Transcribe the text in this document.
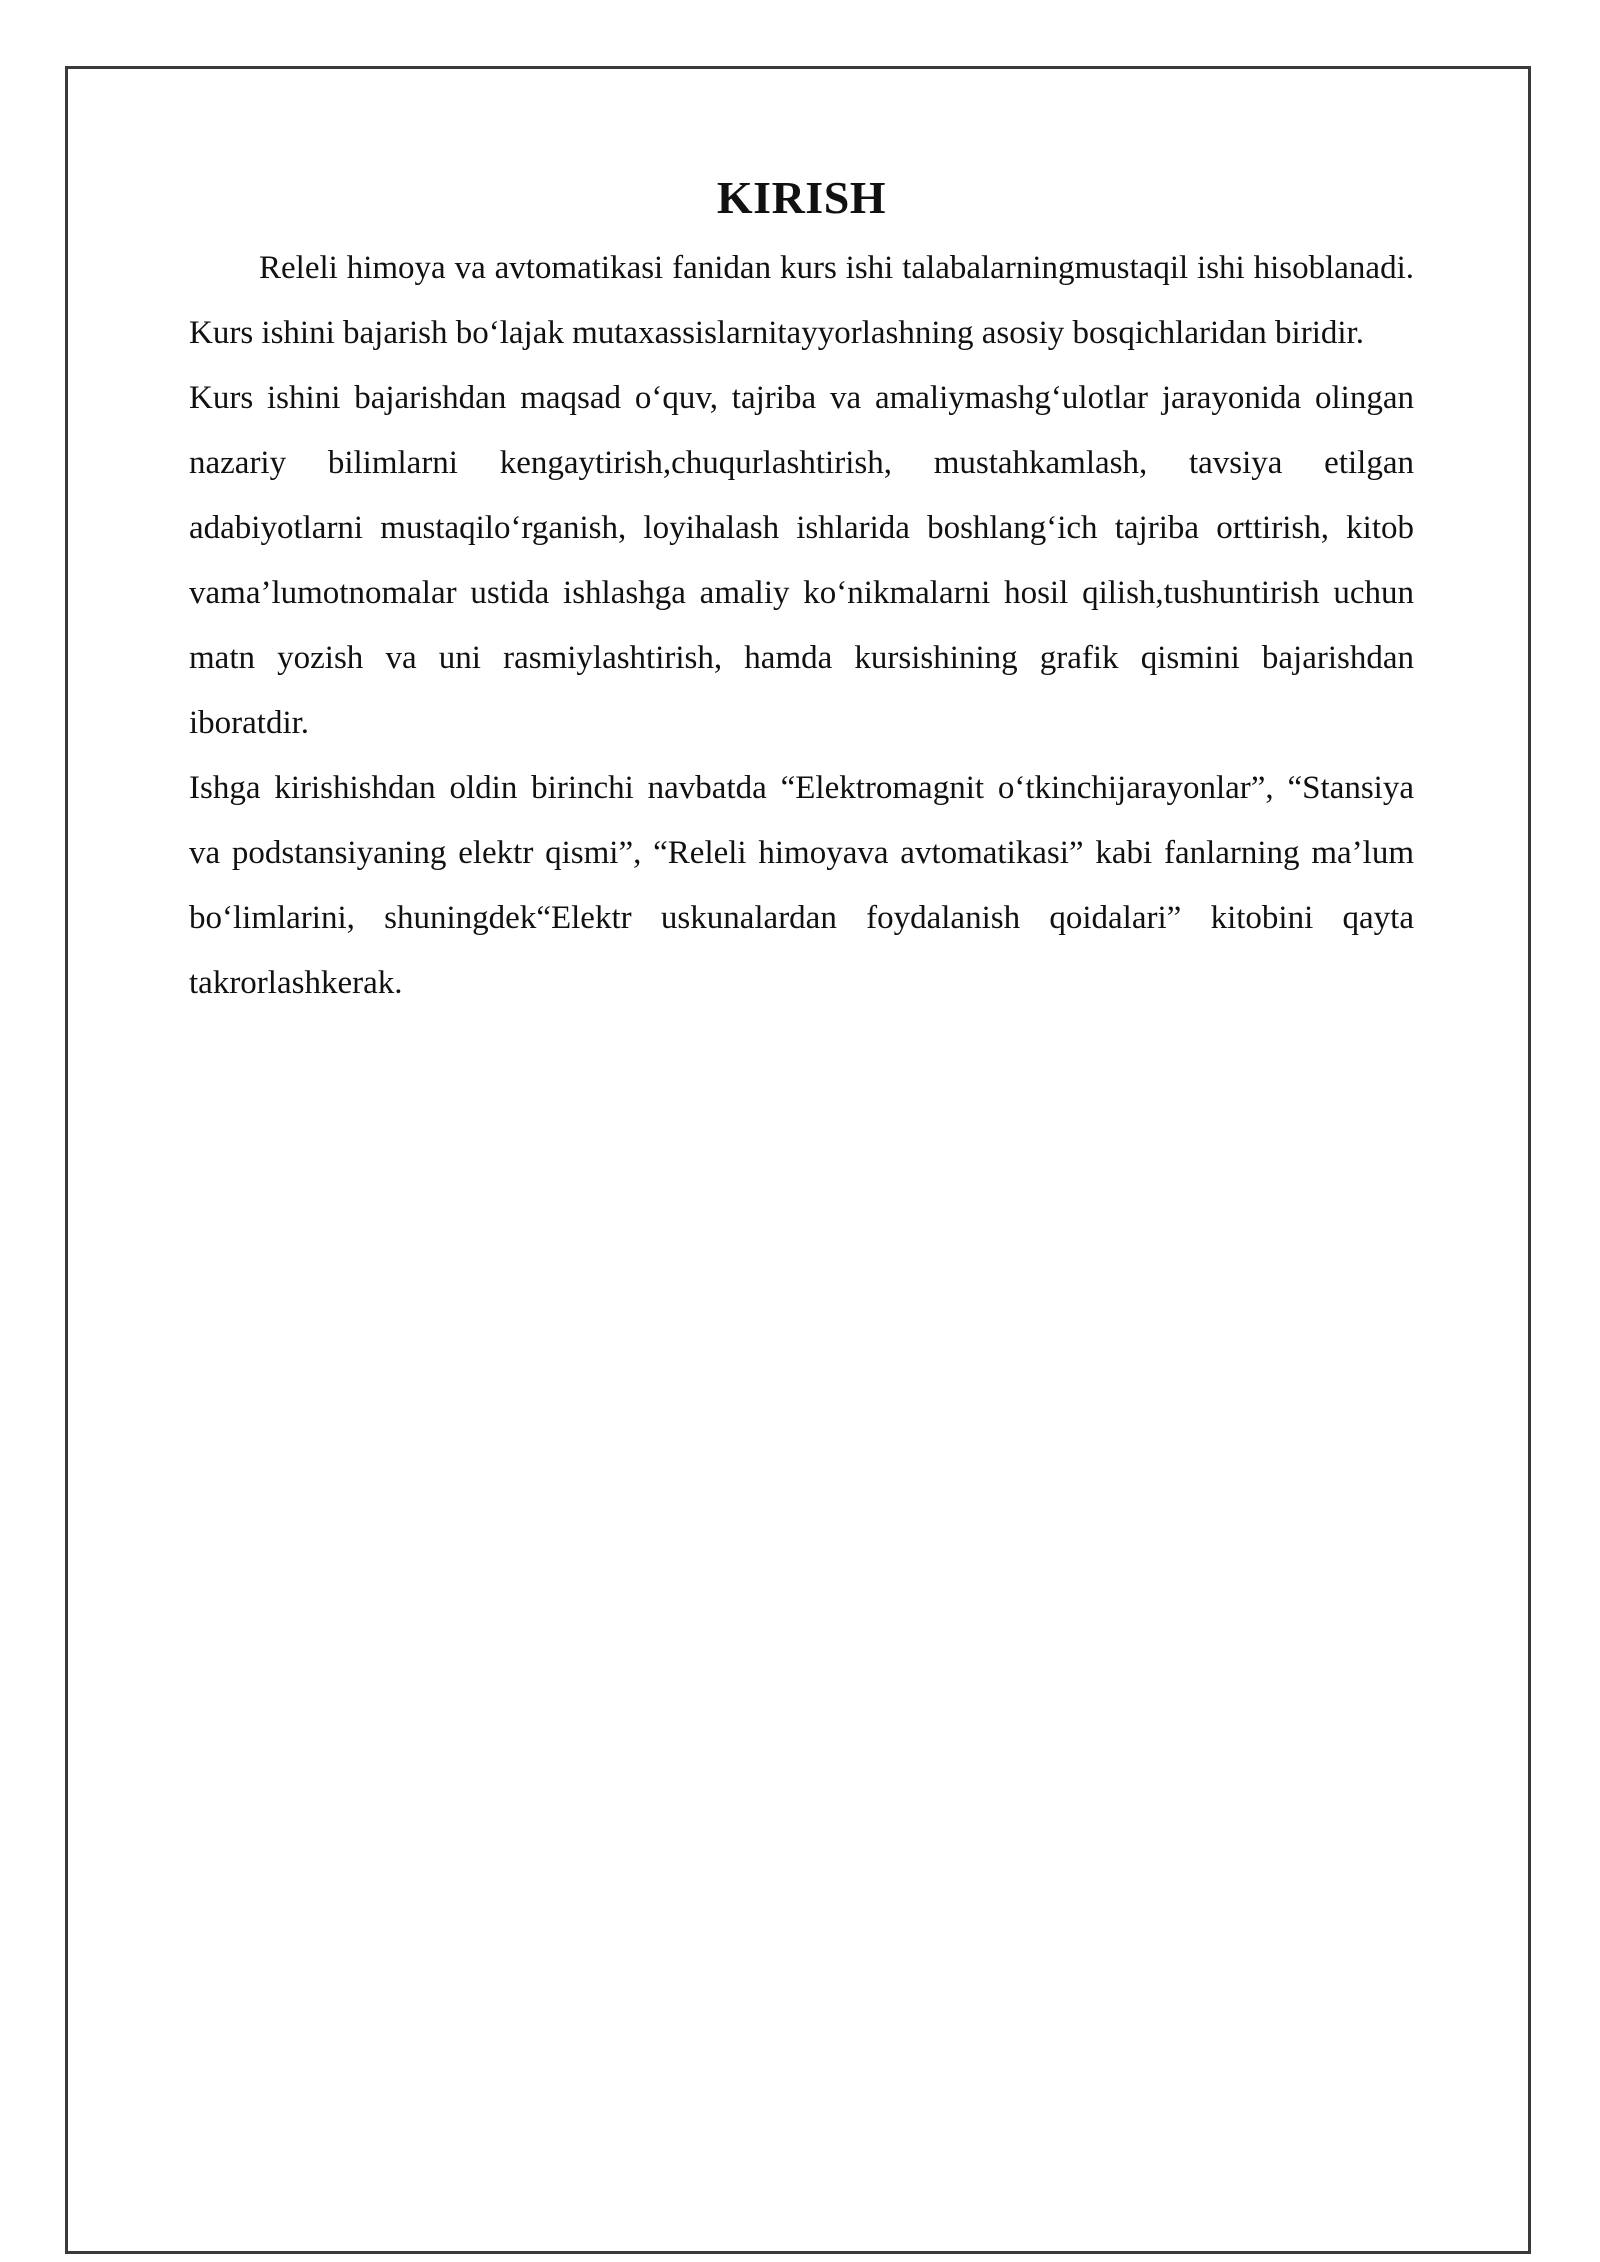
KIRISH

Releli himoya va avtomatikasi fanidan kurs ishi talabalarningmustaqil ishi hisoblanadi. Kurs ishini bajarish bo‘lajak mutaxassislarnitayyorlashning asosiy bosqichlaridan biridir.

Kurs ishini bajarishdan maqsad o‘quv, tajriba va amaliymashg‘ulotlar jarayonida olingan nazariy bilimlarni kengaytirish,chuqurlashtirish, mustahkamlash, tavsiya etilgan adabiyotlarni mustaqilo‘rganish, loyihalash ishlarida boshlang‘ich tajriba orttirish, kitob vama’lumotnomalar ustida ishlashga amaliy ko‘nikmalarni hosil qilish,tushuntirish uchun matn yozish va uni rasmiylashtirish, hamda kursishining grafik qismini bajarishdan iboratdir.

Ishga kirishishdan oldin birinchi navbatda “Elektromagnit o‘tkinchijarayonlar”, “Stansiya va podstansiyaning elektr qismi”, “Releli himoyava avtomatikasi” kabi fanlarning ma’lum bo‘limlarini, shuningdek“Elektr uskunalardan foydalanish qoidalari” kitobini qayta takrorlashkerak.
